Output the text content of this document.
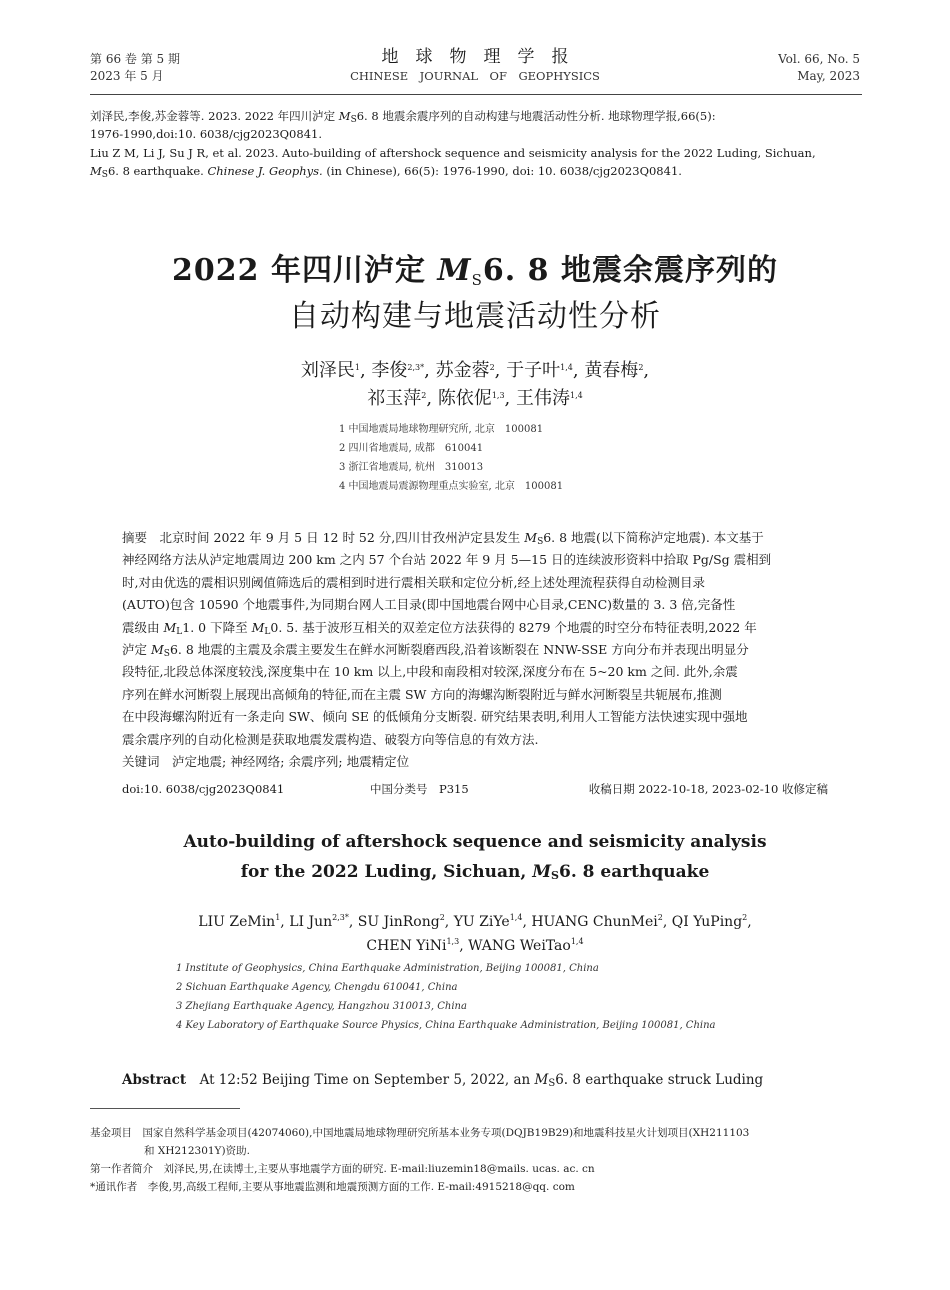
第 66 卷 第 5 期
2023 年 5 月
地　球　物　理　学　报
CHINESE　JOURNAL　OF　GEOPHYSICS
Vol. 66, No. 5
May, 2023
刘泽民,李俊,苏金蓉等. 2023. 2022 年四川泸定 $M_S6$. 8 地震余震序列的自动构建与地震活动性分析. 地球物理学报,66(5):
1976-1990,doi:10. 6038/cjg2023Q0841.
Liu Z M, Li J, Su J R, et al. 2023. Auto-building of aftershock sequence and seismicity analysis for the 2022 Luding, Sichuan,
$M_S6$. 8 earthquake. Chinese J. Geophys. (in Chinese), 66(5): 1976-1990, doi: 10. 6038/cjg2023Q0841.
2022 年四川泸定 $M_S6$. 8 地震余震序列的
自动构建与地震活动性分析
刘泽民$^1$, 李俊$^{2,3*}$, 苏金蓉$^2$, 于子叶$^{1,4}$, 黄春梅$^2$,
祁玉萍$^2$, 陈依伲$^{1,3}$, 王伟涛$^{1,4}$
1 中国地震局地球物理研究所, 北京　100081
2 四川省地震局, 成都　610041
3 浙江省地震局, 杭州　310013
4 中国地震局震源物理重点实验室, 北京　100081
摘要　 北京时间 2022 年 9 月 5 日 12 时 52 分,四川甘孜州泸定县发生 $M_S6$. 8 地震(以下简称泸定地震). 本文基于
神经网络方法从泸定地震周边 200 km 之内 57 个台站 2022 年 9 月 5—15 日的连续波形资料中拾取 Pg/Sg 震相到
时,对由优选的震相识别阈值筛选后的震相到时进行震相关联和定位分析,经上述处理流程获得自动检测目录
(AUTO)包含 10590 个地震事件,为同期台网人工目录(即中国地震台网中心目录,CENC)数量的 3. 3 倍,完备性
震级由 $M_L1$. 0 下降至 $M_L0$. 5. 基于波形互相关的双差定位方法获得的 8279 个地震的时空分布特征表明,2022 年
泸定 $M_S6$. 8 地震的主震及余震主要发生在鲜水河断裂磨西段,沿着该断裂在 NNW-SSE 方向分布并表现出明显分
段特征,北段总体深度较浅,深度集中在 10 km 以上,中段和南段相对较深,深度分布在 5~20 km 之间. 此外,余震
序列在鲜水河断裂上展现出高倾角的特征,而在主震 SW 方向的海螺沟断裂附近与鲜水河断裂呈共轭展布,推测
在中段海螺沟附近有一条走向 SW、倾向 SE 的低倾角分支断裂. 研究结果表明,利用人工智能方法快速实现中强地
震余震序列的自动化检测是获取地震发震构造、破裂方向等信息的有效方法.
关键词　 泸定地震; 神经网络; 余震序列; 地震精定位
doi:10. 6038/cjg2023Q0841	中国分类号　 P315	收稿日期 2022-10-18, 2023-02-10 收修定稿
Auto-building of aftershock sequence and seismicity analysis
for the 2022 Luding, Sichuan, $M_S6$. 8 earthquake
LIU ZeMin$^1$, LI Jun$^{2,3*}$, SU JinRong$^2$, YU ZiYe$^{1,4}$, HUANG ChunMei$^2$, QI YuPing$^2$,
CHEN YiNi$^{1,3}$, WANG WeiTao$^{1,4}$
1 Institute of Geophysics, China Earthquake Administration, Beijing 100081, China
2 Sichuan Earthquake Agency, Chengdu 610041, China
3 Zhejiang Earthquake Agency, Hangzhou 310013, China
4 Key Laboratory of Earthquake Source Physics, China Earthquake Administration, Beijing 100081, China
Abstract　 At 12:52 Beijing Time on September 5, 2022, an $M_S6$. 8 earthquake struck Luding
基金项目　 国家自然科学基金项目(42074060),中国地震局地球物理研究所基本业务专项(DQJB19B29)和地震科技星火计划项目(XH211103
和 XH212301Y)资助.
第一作者简介　 刘泽民,男,在读博士,主要从事地震学方面的研究. E-mail:liuzemin18@mails. ucas. ac. cn
*通讯作者　 李俊,男,高级工程师,主要从事地震监测和地震预测方面的工作. E-mail:4915218@qq. com
